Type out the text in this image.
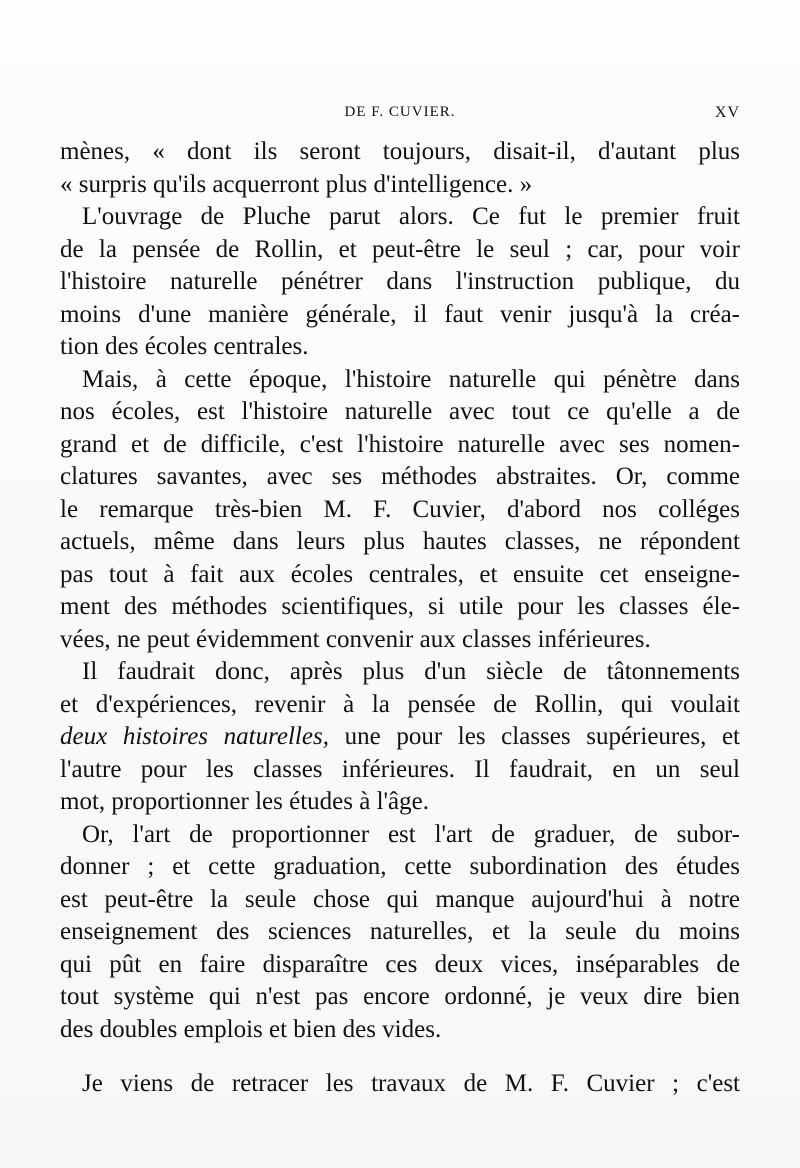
DE F. CUVIER.	XV

mènes, « dont ils seront toujours, disait-il, d'autant plus
« surpris qu'ils acquerront plus d'intelligence. »

L'ouvrage de Pluche parut alors. Ce fut le premier fruit
de la pensée de Rollin, et peut-être le seul ; car, pour voir
l'histoire naturelle pénétrer dans l'instruction publique, du
moins d'une manière générale, il faut venir jusqu'à la créa-
tion des écoles centrales.

Mais, à cette époque, l'histoire naturelle qui pénètre dans
nos écoles, est l'histoire naturelle avec tout ce qu'elle a de
grand et de difficile, c'est l'histoire naturelle avec ses nomen-
clatures savantes, avec ses méthodes abstraites. Or, comme
le remarque très-bien M. F. Cuvier, d'abord nos colléges
actuels, même dans leurs plus hautes classes, ne répondent
pas tout à fait aux écoles centrales, et ensuite cet enseigne-
ment des méthodes scientifiques, si utile pour les classes éle-
vées, ne peut évidemment convenir aux classes inférieures.

Il faudrait donc, après plus d'un siècle de tâtonnements
et d'expériences, revenir à la pensée de Rollin, qui voulait
deux histoires naturelles, une pour les classes supérieures, et
l'autre pour les classes inférieures. Il faudrait, en un seul
mot, proportionner les études à l'âge.

Or, l'art de proportionner est l'art de graduer, de subor-
donner ; et cette graduation, cette subordination des études
est peut-être la seule chose qui manque aujourd'hui à notre
enseignement des sciences naturelles, et la seule du moins
qui pût en faire disparaître ces deux vices, inséparables de
tout système qui n'est pas encore ordonné, je veux dire bien
des doubles emplois et bien des vides.

Je viens de retracer les travaux de M. F. Cuvier ; c'est
